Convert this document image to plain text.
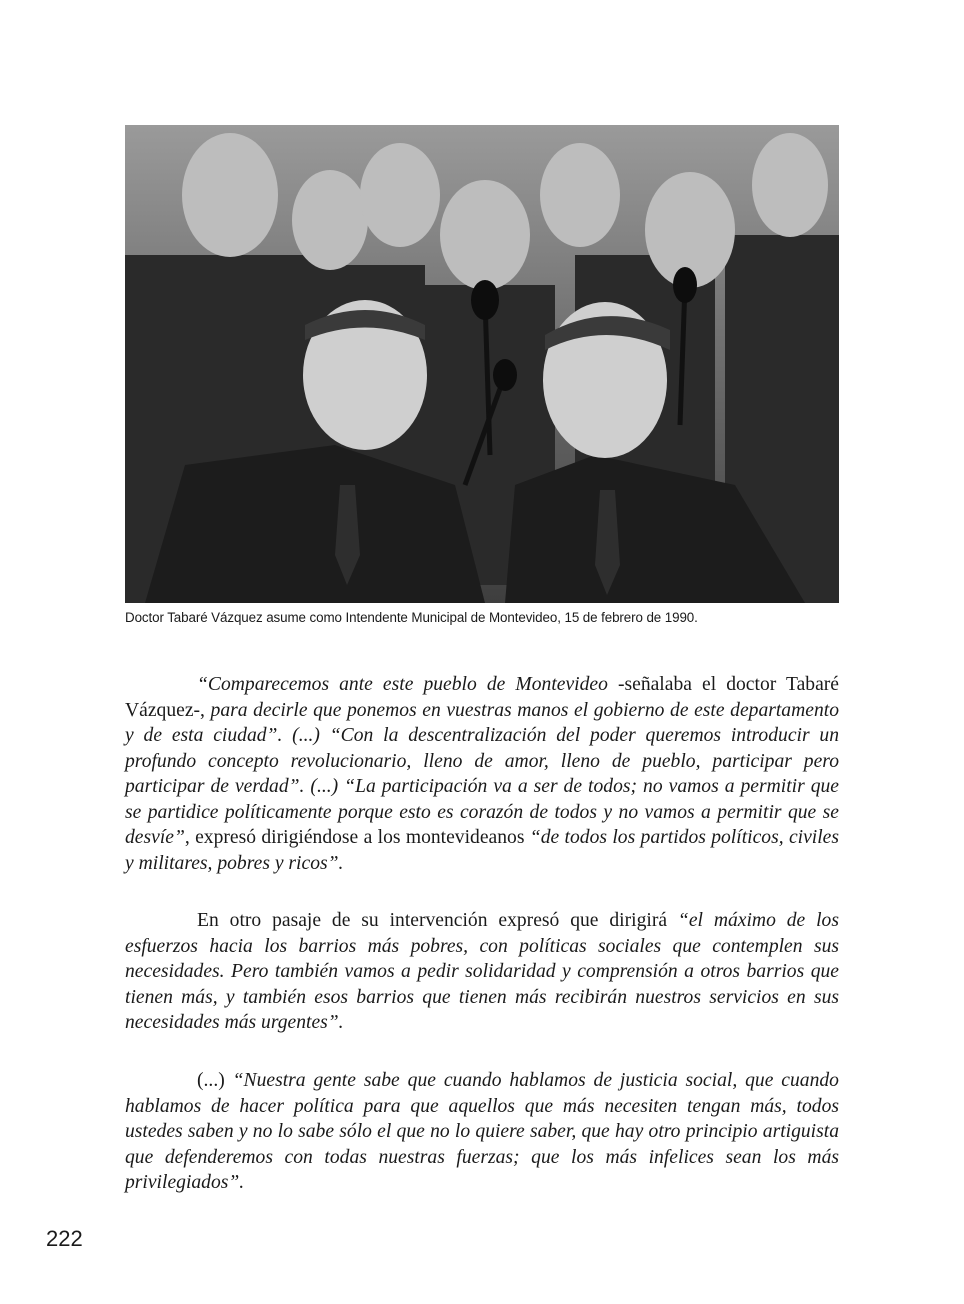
Doctor Tabaré Vázquez asume como Intendente Municipal de Montevideo, 15 de febrero de 1990.
“Comparecemos ante este pueblo de Montevideo -señalaba el doctor Tabaré Vázquez-, para decirle que ponemos en vuestras manos el gobierno de este departamento y de esta ciudad”. (...) “Con la descentralización del poder queremos introducir un profundo concepto revolucionario, lleno de amor, lleno de pueblo, participar pero participar de verdad”. (...) “La participación va a ser de todos; no vamos a permitir que se partidice políticamente porque esto es corazón de todos y no vamos a permitir que se desvíe”, expresó dirigiéndose a los montevideanos “de todos los partidos políticos, civiles y militares, pobres y ricos”.
En otro pasaje de su intervención expresó que dirigirá “el máximo de los esfuerzos hacia los barrios más pobres, con políticas sociales que contemplen sus necesidades. Pero también vamos a pedir solidaridad y comprensión a otros barrios que tienen más, y también esos barrios que tienen más recibirán nuestros servicios en sus necesidades más urgentes”.
(...) “Nuestra gente sabe que cuando hablamos de justicia social, que cuando hablamos de hacer política para que aquellos que más necesiten tengan más, todos ustedes saben y no lo sabe sólo el que no lo quiere saber, que hay otro principio artiguista que defenderemos con todas nuestras fuerzas; que los más infelices sean los más privilegiados”.
222
